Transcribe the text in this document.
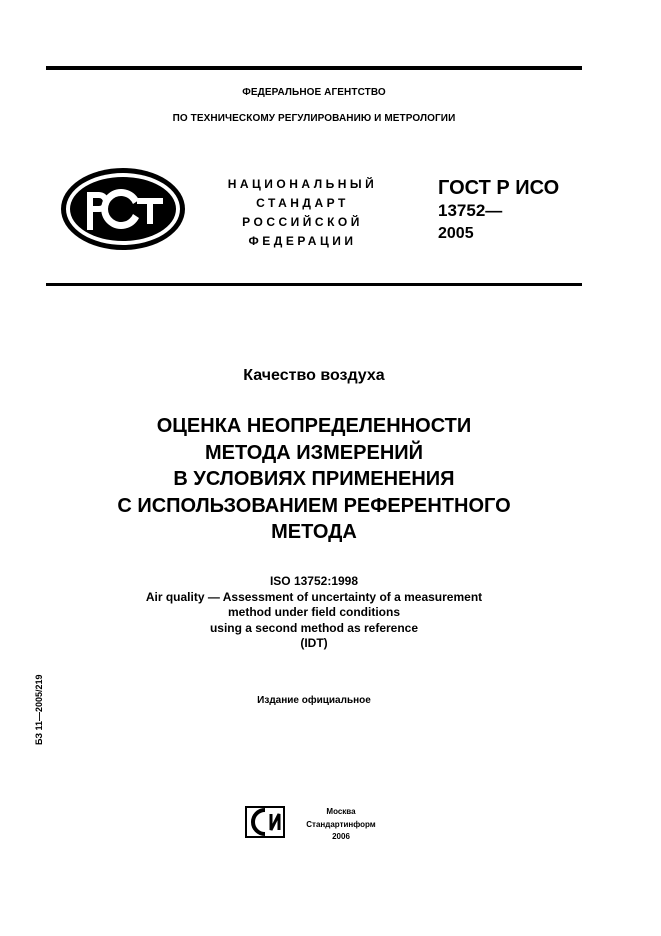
ФЕДЕРАЛЬНОЕ АГЕНТСТВО
ПО ТЕХНИЧЕСКОМУ РЕГУЛИРОВАНИЮ И МЕТРОЛОГИИ
НАЦИОНАЛЬНЫЙ
СТАНДАРТ
РОССИЙСКОЙ
ФЕДЕРАЦИИ
ГОСТ Р ИСО
13752—
2005
Качество воздуха
ОЦЕНКА НЕОПРЕДЕЛЕННОСТИ
МЕТОДА ИЗМЕРЕНИЙ
В УСЛОВИЯХ ПРИМЕНЕНИЯ
С ИСПОЛЬЗОВАНИЕМ РЕФЕРЕНТНОГО
МЕТОДА
ISO 13752:1998
Air quality — Assessment of uncertainty of a measurement
method under field conditions
using a second method as reference
(IDT)
Издание официальное
БЗ 11—2005/219
Москва
Стандартинформ
2006
